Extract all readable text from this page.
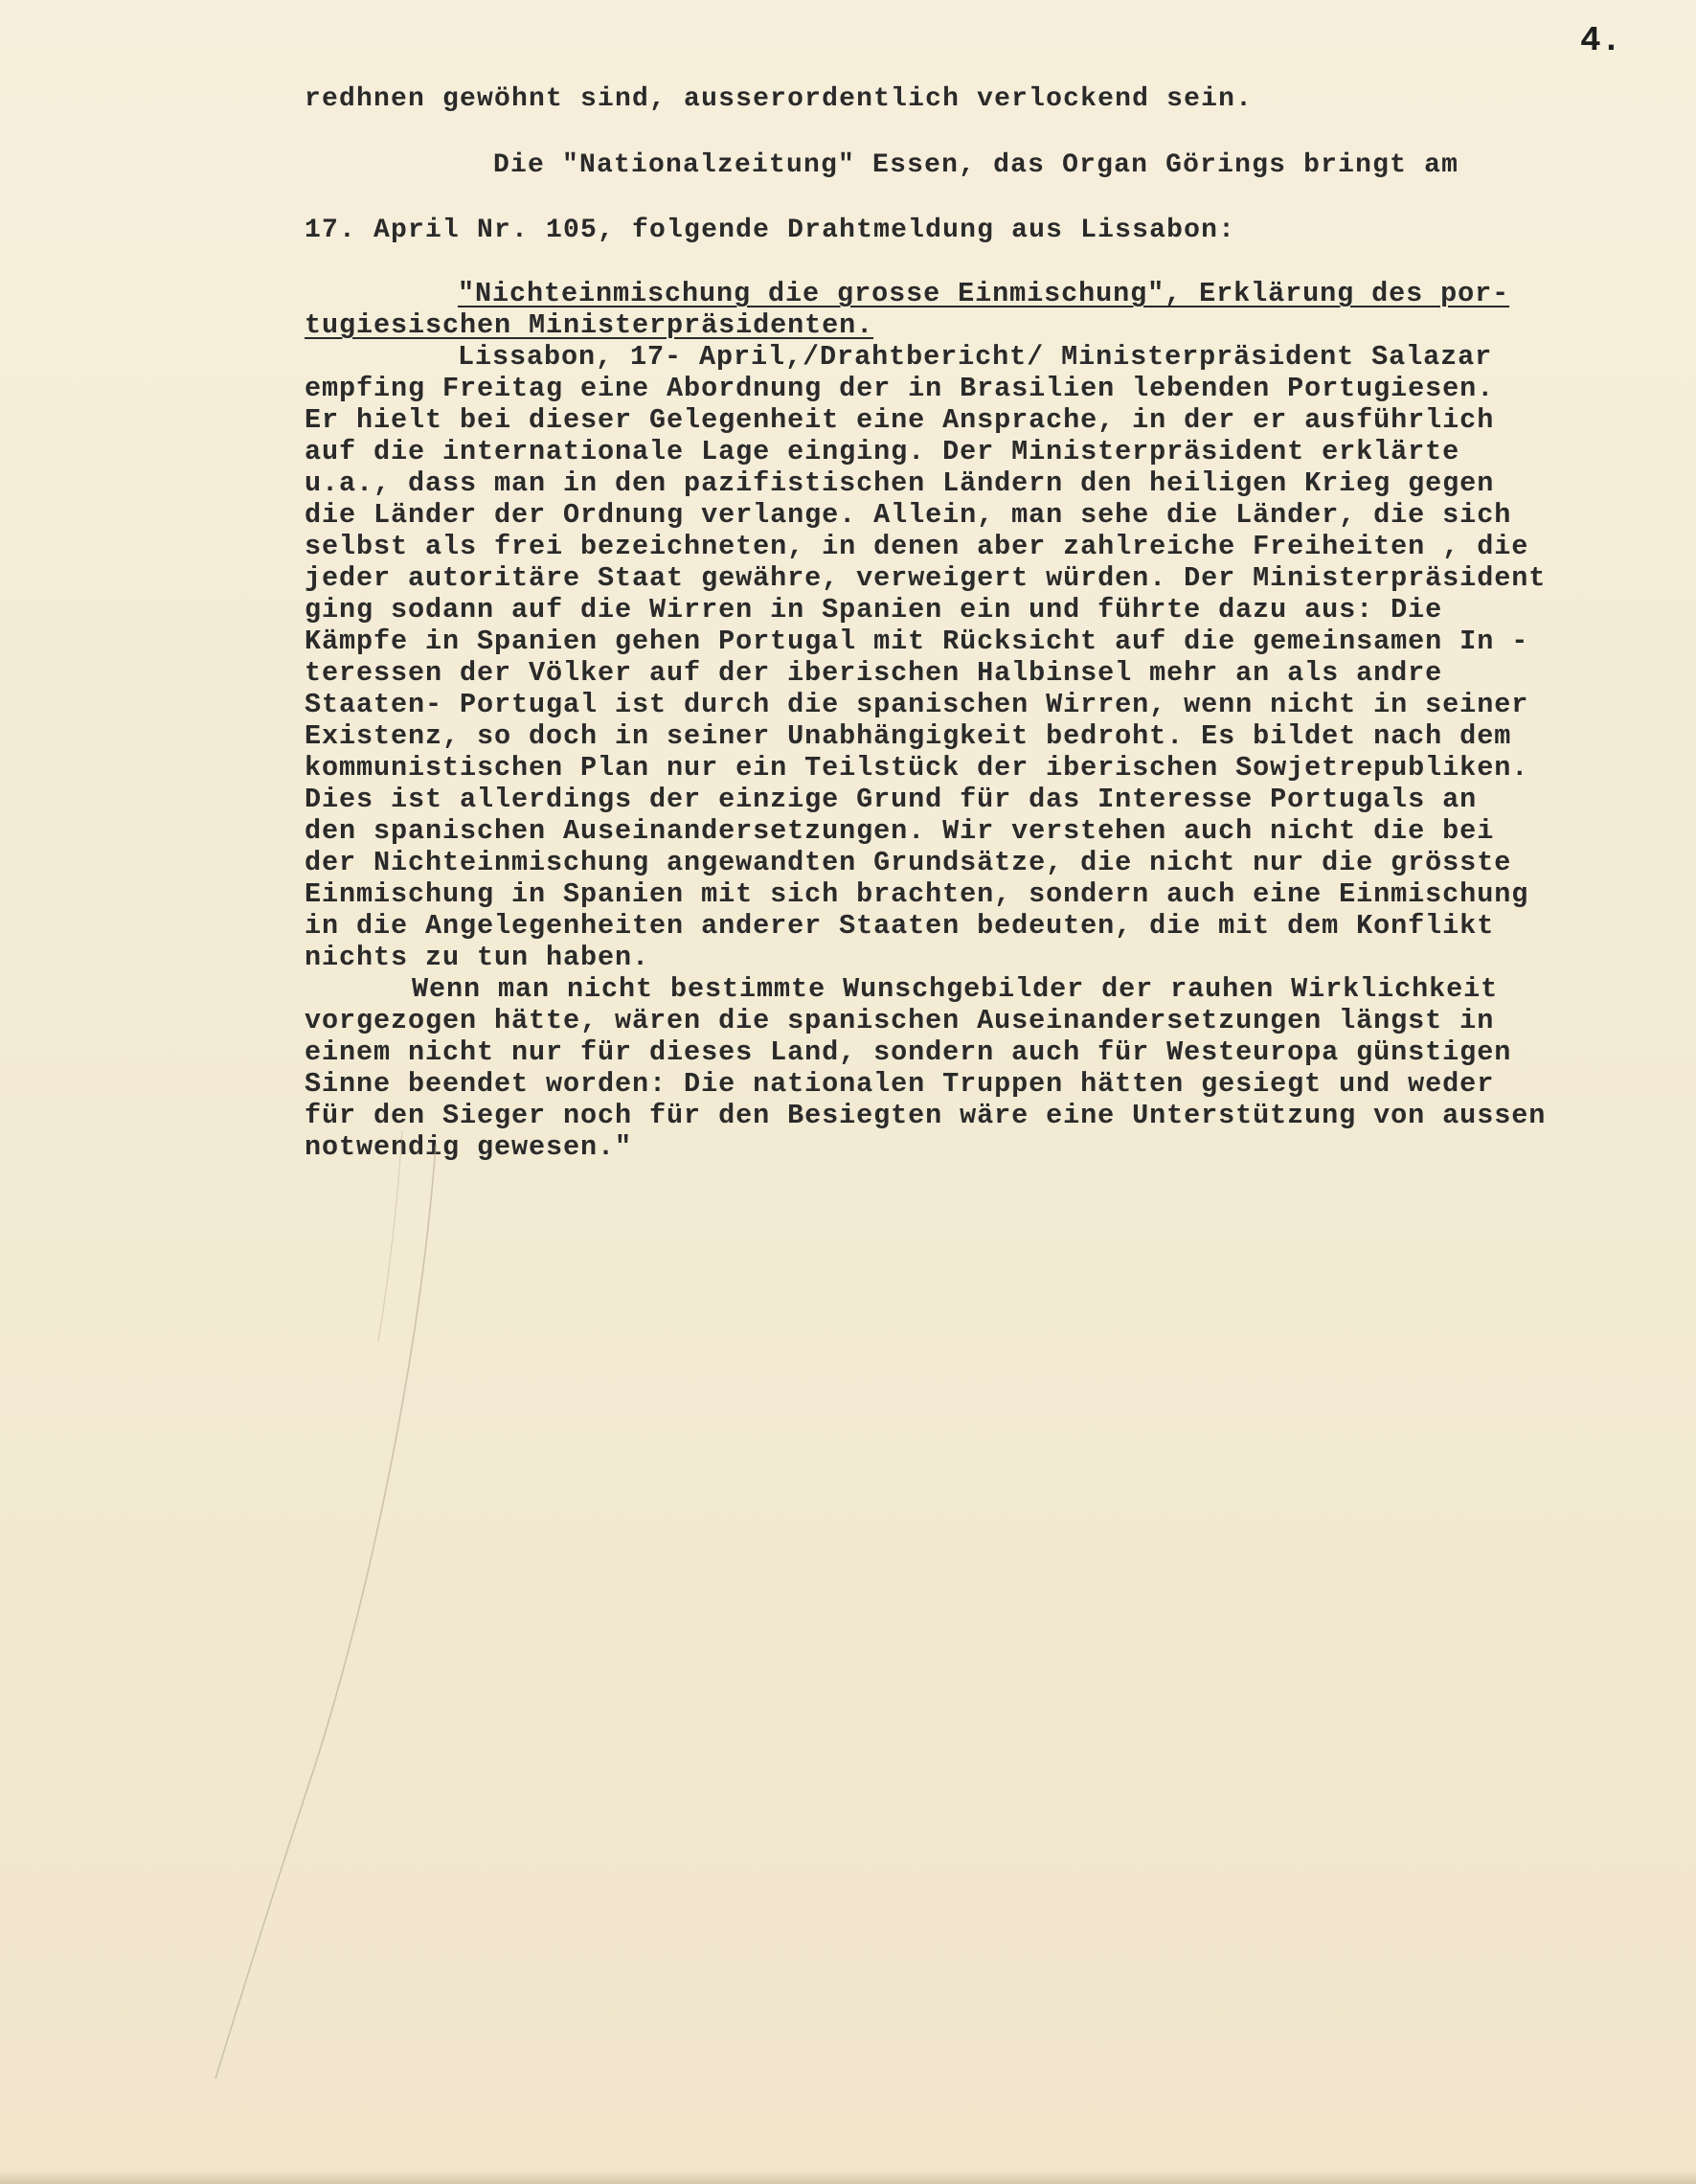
4.
redhnen gewöhnt sind, ausserordentlich verlockend sein.
Die "Nationalzeitung" Essen, das Organ Görings bringt am
17. April Nr. 105, folgende Drahtmeldung aus Lissabon:
"Nichteinmischung die grosse Einmischung", Erklärung des por-
tugiesischen Ministerpräsidenten.
Lissabon, 17- April,/Drahtbericht/ Ministerpräsident Salazar
empfing Freitag eine Abordnung der in Brasilien lebenden Portugiesen.
Er hielt bei dieser Gelegenheit eine Ansprache, in der er ausführlich
auf die internationale Lage einging. Der Ministerpräsident erklärte
u.a., dass man in den pazifistischen Ländern den heiligen Krieg gegen
die Länder der Ordnung verlange. Allein, man sehe die Länder, die sich
selbst als frei bezeichneten, in denen aber zahlreiche Freiheiten , die
jeder autoritäre Staat gewähre, verweigert würden. Der Ministerpräsident
ging sodann auf die Wirren in Spanien ein und führte dazu aus: Die
Kämpfe in Spanien gehen Portugal mit Rücksicht auf die gemeinsamen In -
teressen der Völker auf der iberischen Halbinsel mehr an als andre
Staaten- Portugal ist durch die spanischen Wirren, wenn nicht in seiner
Existenz, so doch in seiner Unabhängigkeit bedroht. Es bildet nach dem
kommunistischen Plan nur ein Teilstück der iberischen Sowjetrepubliken.
Dies ist allerdings der einzige Grund für das Interesse Portugals an
den spanischen Auseinandersetzungen. Wir verstehen auch nicht die bei
der Nichteinmischung angewandten Grundsätze, die nicht nur die grösste
Einmischung in Spanien mit sich brachten, sondern auch eine Einmischung
in die Angelegenheiten anderer Staaten bedeuten, die mit dem Konflikt
nichts zu tun haben.
Wenn man nicht bestimmte Wunschgebilder der rauhen Wirklichkeit
vorgezogen hätte, wären die spanischen Auseinandersetzungen längst in
einem nicht nur für dieses Land, sondern auch für Westeuropa günstigen
Sinne beendet worden: Die nationalen Truppen hätten gesiegt und weder
für den Sieger noch für den Besiegten wäre eine Unterstützung von aussen
notwendig gewesen."
